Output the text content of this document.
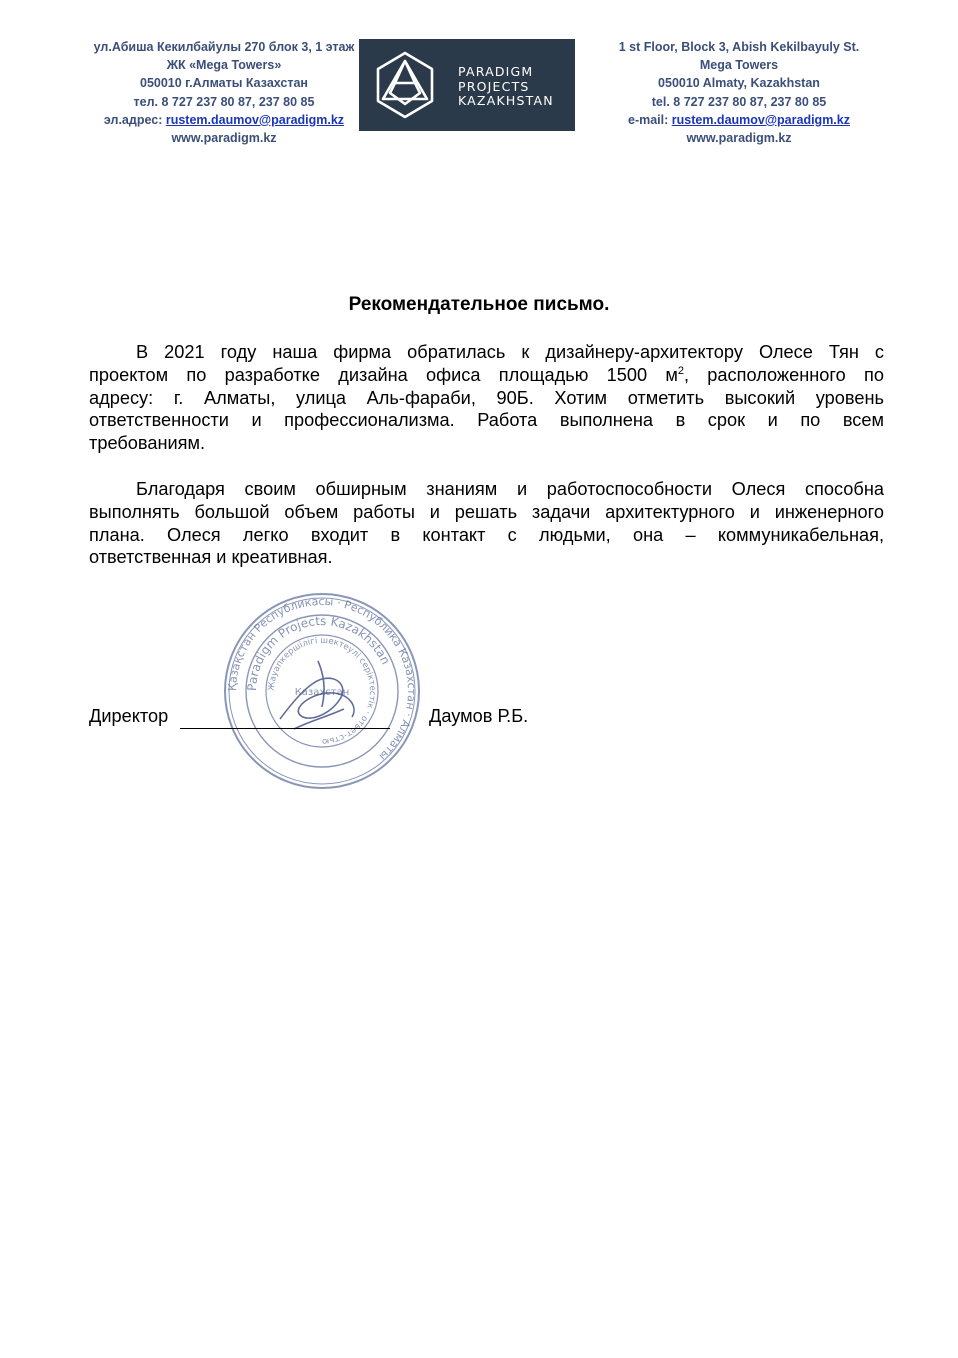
ул.Абиша Кекилбайулы 270 блок 3, 1 этаж
ЖК «Mega Towers»
050010 г.Алматы Казахстан
тел. 8 727 237 80 87, 237 80 85
эл.адрес: rustem.daumov@paradigm.kz
www.paradigm.kz
PARADIGM
PROJECTS
KAZAKHSTAN
1 st Floor, Block 3, Abish Kekilbayuly St.
Mega Towers
050010 Almaty, Kazakhstan
tel. 8 727 237 80 87, 237 80 85
e-mail: rustem.daumov@paradigm.kz
www.paradigm.kz
Рекомендательное письмо.
В 2021 году наша фирма обратилась к дизайнеру-архитектору Олесе Тян с
проектом по разработке дизайна офиса площадью 1500 $м^2$, расположенного по
адресу: г. Алматы, улица Аль-фараби, 90Б. Хотим отметить высокий уровень
ответственности и профессионализма. Работа выполнена в срок и по всем
требованиям.
Благодаря своим обширным знаниям и работоспособности Олеся способна
выполнять большой объем работы и решать задачи архитектурного и инженерного
плана. Олеся легко входит в контакт с людьми, она – коммуникабельная,
ответственная и креативная.
Қазақстан Республикасы · Республика Казахстан · Алматы
Paradigm Projects Kazakhstan
Жауапкершілігі шектеулі серіктестік · ответ-стью
Казахстан
Директор	Даумов Р.Б.
